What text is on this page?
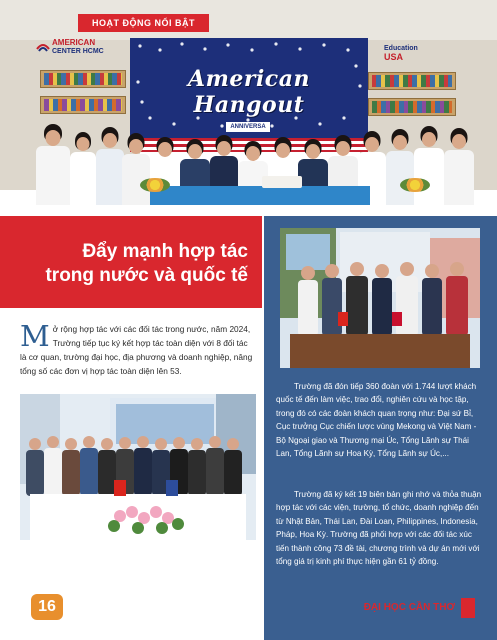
AMERICAN
CENTER HCMC
American Hangout
Education
USA
ANNIVERSA
HOẠT ĐỘNG NỔI BẬT
Đẩy mạnh hợp tác
trong nước và quốc tế
Mở rộng hợp tác với các đối tác trong nước, năm 2024, Trường tiếp tục ký kết hợp tác toàn diện với 8 đối tác là cơ quan, trường đại học, địa phương và doanh nghiệp, nâng tổng số các đơn vị hợp tác toàn diện lên 53.
Trường đã đón tiếp 360 đoàn với 1.744 lượt khách quốc tế đến làm việc, trao đổi, nghiên cứu và học tập, trong đó có các đoàn khách quan trọng như: Đại sứ Bỉ, Cục trưởng Cục chiến lược vùng Mekong và Việt Nam - Bộ Ngoại giao và Thương mại Úc, Tổng Lãnh sự Thái Lan, Tổng Lãnh sự Hoa Kỳ, Tổng Lãnh sự Úc,...
Trường đã ký kết 19 biên bản ghi nhớ và thỏa thuận hợp tác với các viện, trường, tổ chức, doanh nghiệp đến từ Nhật Bản, Thái Lan, Đài Loan, Philippines, Indonesia, Pháp, Hoa Kỳ. Trường đã phối hợp với các đối tác xúc tiến thành công 73 đề tài, chương trình và dự án mới với tổng giá trị kinh phí thực hiện gần 61 tỷ đồng.
16	ĐẠI HỌC CẦN THƠ
